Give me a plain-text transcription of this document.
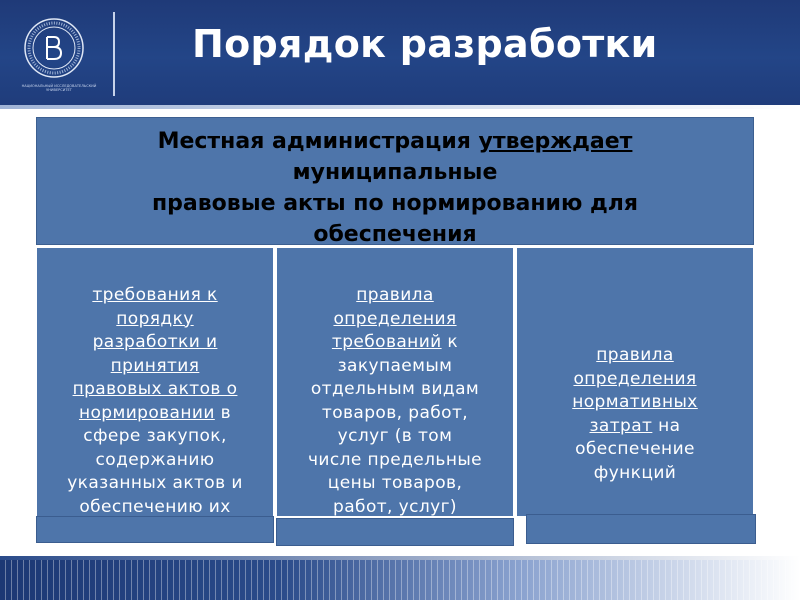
НАЦИОНАЛЬНЫЙ ИССЛЕДОВАТЕЛЬСКИЙ УНИВЕРСИТЕТ
Порядок разработки
Местная администрация утверждает
муниципальные
правовые акты по нормированию для
обеспечения
требования к
порядку
разработки и
принятия
правовых актов о
нормировании в
сфере закупок,
содержанию
указанных актов и
обеспечению их
правила
определения
требований к
закупаемым
отдельным видам
товаров, работ,
услуг (в том
числе предельные
цены товаров,
работ, услуг)
правила
определения
нормативных
затрат на
обеспечение
функций
